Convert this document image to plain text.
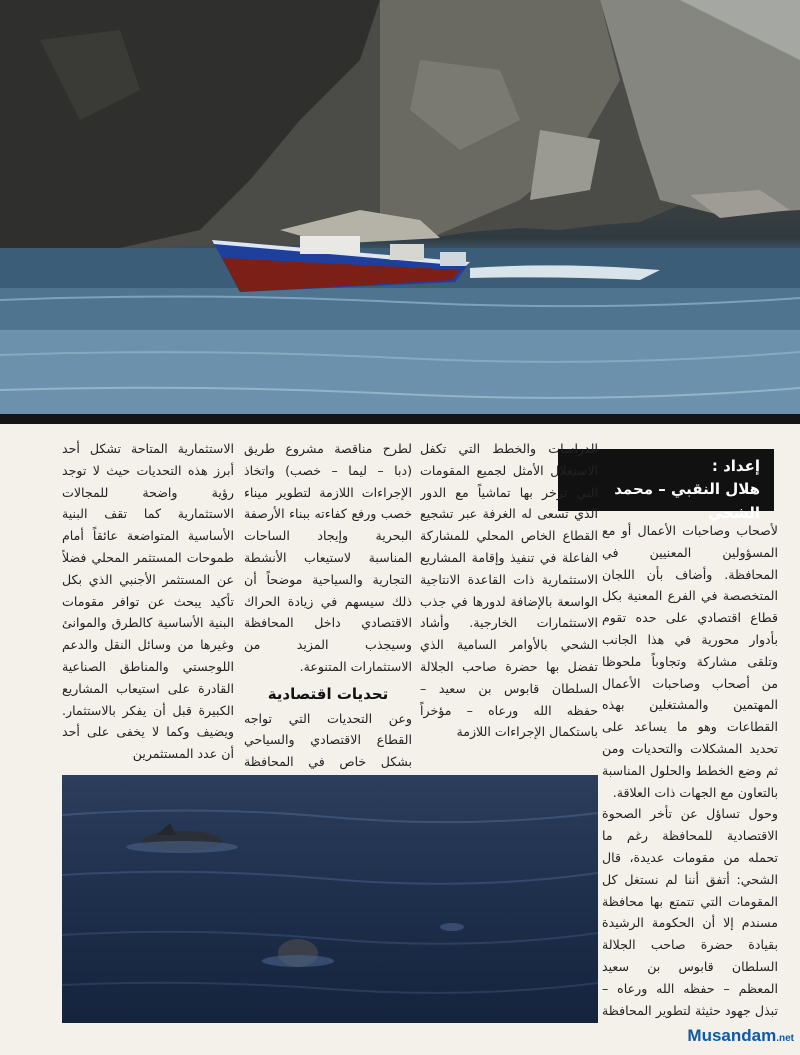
إعداد :
هلال النقبي – محمد الشحي

لأصحاب وصاحبات الأعمال أو مع المسؤولين المعنيين في المحافظة. وأضاف بأن اللجان المتخصصة في الفرع المعنية بكل قطاع اقتصادي على حده تقوم بأدوار محورية في هذا الجانب وتلقى مشاركة وتجاوباً ملحوظا من أصحاب وصاحبات الأعمال المهتمين والمشتغلين بهذه القطاعات وهو ما يساعد على تحديد المشكلات والتحديات ومن ثم وضع الخطط والحلول المناسبة بالتعاون مع الجهات ذات العلاقة.

وحول تساؤل عن تأخر الصحوة الاقتصادية للمحافظة رغم ما تحمله من مقومات عديدة، قال الشحي: أتفق أننا لم نستغل كل المقومات التي تتمتع بها محافظة مسندم إلا أن الحكومة الرشيدة بقيادة حضرة صاحب الجلالة السلطان قابوس بن سعيد المعظم – حفظه الله ورعاه – تبذل جهود حثيثة لتطوير المحافظة

الدراسات والخطط التي تكفل الاستغلال الأمثل لجميع المقومات التي تزخر بها تماشياً مع الدور الذي تسعى له الغرفة عبر تشجيع القطاع الخاص المحلي للمشاركة الفاعلة في تنفيذ وإقامة المشاريع الاستثمارية ذات القاعدة الانتاجية الواسعة بالإضافة لدورها في جذب الاستثمارات الخارجية. وأشاد الشحي بالأوامر السامية الذي تفضل بها حضرة صاحب الجلالة السلطان قابوس بن سعيد – حفظه الله ورعاه – مؤخراً باستكمال الإجراءات اللازمة

لطرح مناقصة مشروع طريق (دبا – ليما – خصب) واتخاذ الإجراءات اللازمة لتطوير ميناء خصب ورفع كفاءته ببناء الأرصفة البحرية وإيجاد الساحات المناسبة لاستيعاب الأنشطة التجارية والسياحية موضحاً أن ذلك سيسهم في زيادة الحراك الاقتصادي داخل المحافظة وسيجذب المزيد من الاستثمارات المتنوعة.

تحديات اقتصادية

وعن التحديات التي تواجه القطاع الاقتصادي والسياحي بشكل خاص في المحافظة

الاستثمارية المتاحة تشكل أحد أبرز هذه التحديات حيث لا توجد رؤية واضحة للمجالات الاستثمارية كما تقف البنية الأساسية المتواضعة عائقاً أمام طموحات المستثمر المحلي فضلاً عن المستثمر الأجنبي الذي بكل تأكيد يبحث عن توافر مقومات البنية الأساسية كالطرق والموانئ وغيرها من وسائل النقل والدعم اللوجستي والمناطق الصناعية القادرة على استيعاب المشاريع الكبيرة قبل أن يفكر بالاستثمار. ويضيف وكما لا يخفى على أحد أن عدد المستثمرين

Musandam.net
